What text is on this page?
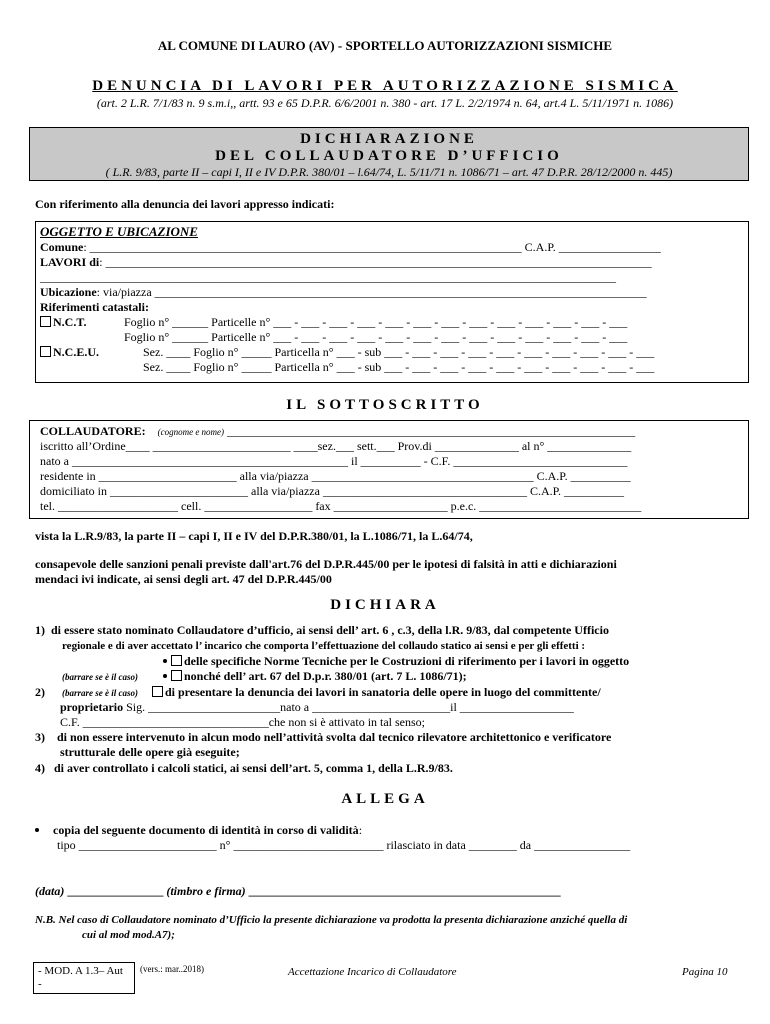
AL COMUNE DI LAURO (AV) - SPORTELLO AUTORIZZAZIONI SISMICHE
DENUNCIA DI LAVORI PER AUTORIZZAZIONE SISMICA
(art. 2 L.R. 7/1/83 n. 9 s.m.i,, artt. 93 e 65 D.P.R. 6/6/2001 n. 380 - art. 17 L. 2/2/1974 n. 64, art.4 L. 5/11/1971 n. 1086)
DICHIARAZIONE
DEL COLLAUDATORE D’UFFICIO
( L.R. 9/83, parte II – capi I, II e IV D.P.R. 380/01 – l.64/74, L. 5/11/71 n. 1086/71 – art. 47 D.P.R. 28/12/2000 n. 445)
Con riferimento alla denuncia dei lavori appresso indicati:
OGGETTO E UBICAZIONE
Comune: ________________________________________________________________________ C.A.P. _________________
LAVORI di: ___________________________________________________________________________________________
________________________________________________________________________________________________
Ubicazione: via/piazza __________________________________________________________________________________
Riferimenti catastali:
N.C.T.	Foglio n° ______ Particelle n° ___ - ___ - ___ - ___ - ___ - ___ - ___ - ___ - ___ - ___ - ___ - ___ - ___
Foglio n° ______ Particelle n° ___ - ___ - ___ - ___ - ___ - ___ - ___ - ___ - ___ - ___ - ___ - ___ - ___
N.C.E.U.	Sez. ____ Foglio n° _____ Particella n° ___ - sub ___ - ___ - ___ - ___ - ___ - ___ - ___ - ___ - ___ - ___
Sez. ____ Foglio n° _____ Particella n° ___ - sub ___ - ___ - ___ - ___ - ___ - ___ - ___ - ___ - ___ - ___
IL SOTTOSCRITTO
COLLAUDATORE: (cognome e nome) ____________________________________________________________________
iscritto all’Ordine____ _______________________ ____sez.___ sett.___ Prov.di ______________ al n° ______________
nato a ______________________________________________ il __________ - C.F. _____________________________
residente in _______________________ alla via/piazza _____________________________________ C.A.P. __________
domiciliato in _______________________ alla via/piazza __________________________________ C.A.P. __________
tel. ____________________ cell. __________________ fax ___________________ p.e.c. ___________________________
vista la L.R.9/83, la parte II – capi I, II e IV del D.P.R.380/01, la L.1086/71, la L.64/74,
consapevole delle sanzioni penali previste dall'art.76 del D.P.R.445/00 per le ipotesi di falsità in atti e dichiarazioni
mendaci ivi indicate, ai sensi degli art. 47 del D.P.R.445/00
DICHIARA
1)  di essere stato nominato Collaudatore d’ufficio, ai sensi dell’ art. 6 , c.3, della l.R. 9/83, dal competente Ufficio
regionale e di aver accettato l’ incarico che comporta l’effettuazione del collaudo statico ai sensi e per gli effetti :
delle specifiche Norme Tecniche per le Costruzioni di riferimento per i lavori in oggetto
(barrare se è il caso)	nonché dell’ art. 67 del D.p.r. 380/01 (art. 7 L. 1086/71);
2) (barrare se è il caso)	di presentare la denuncia dei lavori in sanatoria delle opere in luogo del committente/
proprietario Sig. ______________________nato a _______________________il ___________________
C.F. _______________________________che non si è attivato in tal senso;
3)    di non essere intervenuto in alcun modo nell’attività svolta dal tecnico rilevatore architettonico e verificatore
strutturale delle opere già eseguite;
4)   di aver controllato i calcoli statici, ai sensi dell’art. 5, comma 1, della L.R.9/83.
ALLEGA
copia del seguente documento di identità in corso di validità:
tipo _______________________ n° _________________________ rilasciato in data ________ da ________________
(data) ________________ (timbro e firma) ____________________________________________________
N.B. Nel caso di Collaudatore nominato d’Ufficio la presente dichiarazione va prodotta la presenta dichiarazione anziché quella di
cui al mod mod.A7);
- MOD. A 1.3– Aut
-
(vers.: mar..2018)	Accettazione Incarico di Collaudatore	Pagina 10
